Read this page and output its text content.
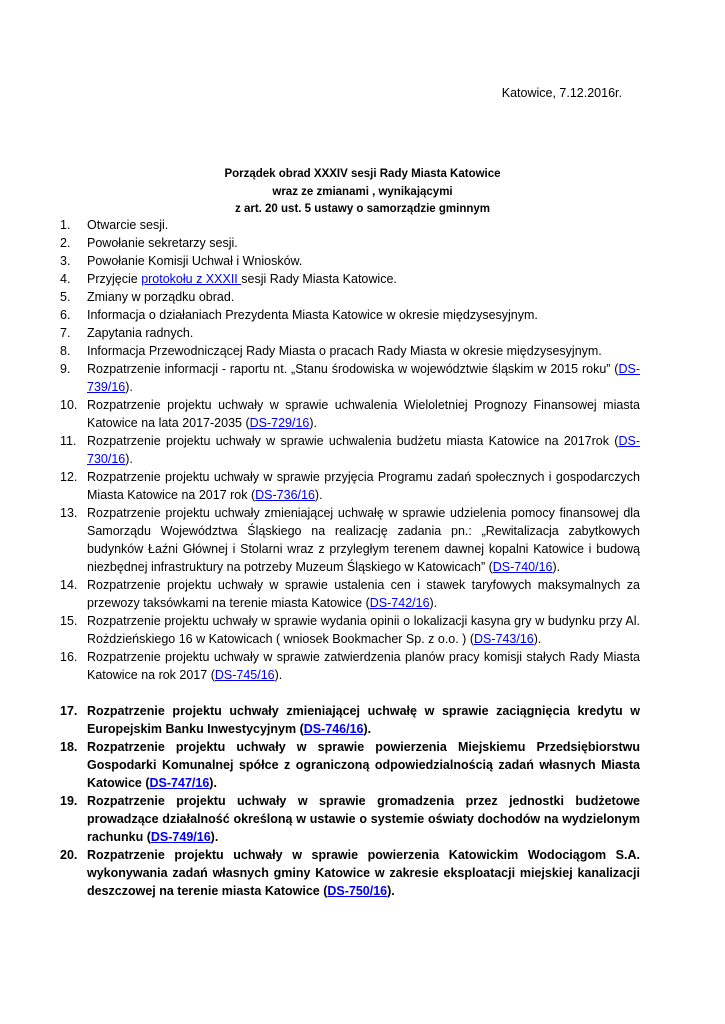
Katowice, 7.12.2016r.
Porządek obrad XXXIV sesji Rady Miasta Katowice
wraz ze zmianami , wynikającymi
z art. 20 ust. 5 ustawy o samorządzie gminnym
1.	Otwarcie sesji.
2.	Powołanie sekretarzy sesji.
3.	Powołanie Komisji Uchwał i Wniosków.
4.	Przyjęcie protokołu z XXXII sesji Rady Miasta Katowice.
5.	Zmiany w porządku obrad.
6.	Informacja o działaniach Prezydenta Miasta Katowice w okresie międzysesyjnym.
7.	Zapytania radnych.
8.	Informacja Przewodniczącej Rady Miasta o pracach Rady Miasta w okresie międzysesyjnym.
9.	Rozpatrzenie informacji - raportu nt. „Stanu środowiska w województwie śląskim w 2015 roku” (DS-739/16).
10. Rozpatrzenie projektu uchwały w sprawie uchwalenia Wieloletniej Prognozy Finansowej miasta Katowice na lata 2017-2035 (DS-729/16).
11. Rozpatrzenie projektu uchwały w sprawie uchwalenia budżetu miasta Katowice na 2017rok (DS-730/16).
12. Rozpatrzenie projektu uchwały w sprawie przyjęcia Programu zadań społecznych i gospodarczych Miasta Katowice na 2017 rok (DS-736/16).
13. Rozpatrzenie projektu uchwały zmieniającej uchwałę w sprawie udzielenia pomocy finansowej dla Samorządu Województwa Śląskiego na realizację zadania pn.: „Rewitalizacja zabytkowych budynków Łaźni Głównej i Stolarni wraz z przyległym terenem dawnej kopalni Katowice i budową niezbędnej infrastruktury na potrzeby Muzeum Śląskiego w Katowicach” (DS-740/16).
14. Rozpatrzenie projektu uchwały w sprawie ustalenia cen i stawek taryfowych maksymalnych za przewozy taksówkami na terenie miasta Katowice (DS-742/16).
15. Rozpatrzenie projektu uchwały w sprawie wydania opinii o lokalizacji kasyna gry w budynku przy Al. Rożdzieńskiego 16 w Katowicach ( wniosek Bookmacher Sp. z o.o. ) (DS-743/16).
16. Rozpatrzenie projektu uchwały w sprawie zatwierdzenia planów pracy komisji stałych Rady Miasta Katowice na rok 2017 (DS-745/16).
17. Rozpatrzenie projektu uchwały zmieniającej uchwałę w sprawie zaciągnięcia kredytu w Europejskim Banku Inwestycyjnym (DS-746/16).
18. Rozpatrzenie projektu uchwały w sprawie powierzenia Miejskiemu Przedsiębiorstwu Gospodarki Komunalnej spółce z ograniczoną odpowiedzialnością zadań własnych Miasta Katowice (DS-747/16).
19. Rozpatrzenie projektu uchwały w sprawie gromadzenia przez jednostki budżetowe prowadzące działalność określoną w ustawie o systemie oświaty dochodów na wydzielonym rachunku (DS-749/16).
20. Rozpatrzenie projektu uchwały w sprawie powierzenia Katowickim Wodociągom S.A. wykonywania zadań własnych gminy Katowice w zakresie eksploatacji miejskiej kanalizacji deszczowej na terenie miasta Katowice (DS-750/16).
